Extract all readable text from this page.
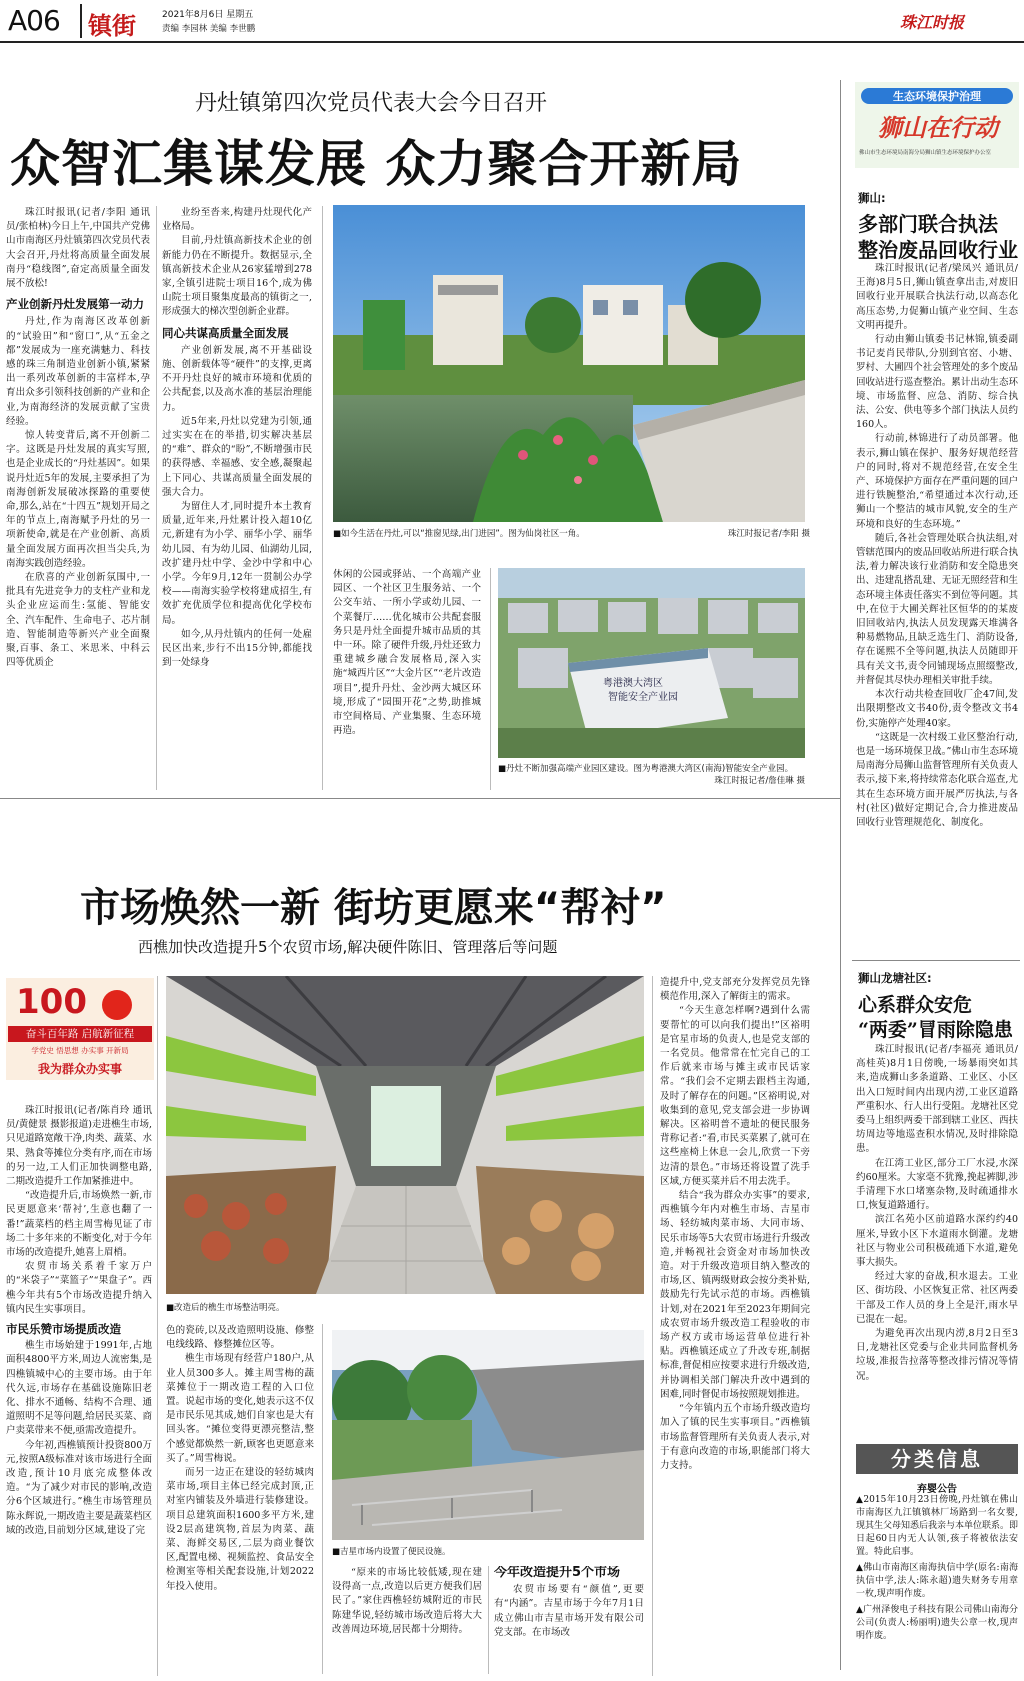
A06 镇街	2021年8月6日 星期五
责编 李园林 美编 李世鹏	珠江时报
丹灶镇第四次党员代表大会今日召开
众智汇集谋发展 众力聚合开新局

珠江时报讯(记者/李阳 通讯员/张柏林)今日上午,中国共产党佛山市南海区丹灶镇第四次党员代表大会召开,丹灶将高质量全面发展南丹“稳线图”,奋定高质量全面发展不放松!

产业创新丹灶发展第一动力

丹灶,作为南海区改革创新的“试验田”和“窗口”,从“五金之都”发展成为一座充满魅力、科技感的珠三角制造业创新小镇,紧紧出一系列改革创新的丰富样本,孕育出众多引领科技创新的产业和企业,为南海经济的发展贡献了宝贵经验。

惊人转变背后,离不开创新二字。这既是丹灶发展的真实写照,也是企业成长的“丹灶基因”。如果说丹灶近5年的发展,主要承担了为南海创新发展破冰探路的重要使命,那么,站在“十四五”规划开局之年的节点上,南海赋予丹灶的另一项新使命,就是在产业创新、高质量全面发展方面再次担当尖兵,为南海实践创造经验。

在欣喜的产业创新氛围中,一批具有先进竞争力的支柱产业和龙头企业应运而生:氢能、智能安全、汽车配件、生命电子、芯片制造、智能制造等新兴产业全面聚聚,百事、条工、米思米、中科云四等优质企

业纷至沓来,构建丹灶现代化产业格局。

目前,丹灶镇高新技术企业的创新能力仍在不断提升。数据显示,全镇高新技术企业从26家猛增到278家,全镇引进院士项目16个,成为佛山院士项目聚集度最高的镇街之一,形成强大的梯次型创新企业群。

同心共谋高质量全面发展

产业创新发展,离不开基础设施、创新载体等“硬件”的支撑,更离不开丹灶良好的城市环境和优质的公共配套,以及高水准的基层治理能力。

近5年来,丹灶以党建为引领,通过实实在在的举措,切实解决基层的“难”、群众的“盼”,不断增强市民的获得感、幸福感、安全感,凝聚起上下同心、共谋高质量全面发展的强大合力。

为留住人才,同时提升本土教育质量,近年来,丹灶累计投入超10亿元,新建有为小学、丽华小学、丽华幼儿园、有为幼儿园、仙湖幼儿园,改扩建丹灶中学、金沙中学和中心小学。今年9月,12年一贯制公办学校——南海实验学校将建成招生,有效扩充优质学位和提高优化学校布局。

如今,从丹灶镇内的任何一处雇民区出来,步行不出15分钟,都能找到一处绿身

■如今生活在丹灶,可以“推窗见绿,出门进园”。图为仙岗社区一角。	珠江时报记者/李阳 摄

休闲的公园或驿站、一个高端产业园区、一个社区卫生服务站、一个公交车站、一所小学或幼儿园、一个菜餐厅……优化城市公共配套服务只是丹灶全面提升城市品质的其中一环。除了硬件升级,丹灶还致力重建城乡融合发展格局,深入实施“城西片区”“大金片区”“老片改造项目”,提升丹灶、金沙两大城区环境,形成了“园围开花”之势,助推城市空间格局、产业集聚、生态环境再造。

粤港澳大湾区
智能安全产业园
■丹灶不断加强高端产业园区建设。图为粤港澳大湾区(南海)智能安全产业园。
珠江时报记者/詹佳琳 摄
生态环境保护治理
狮山在行动
佛山市生态环境局南海分局狮山镇生态环境保护办公室
狮山:
多部门联合执法
整治废品回收行业

珠江时报讯(记者/梁凤兴 通讯员/王海)8月5日,狮山镇查拿出击,对废旧回收行业开展联合执法行动,以高态化高压态势,力促狮山镇产业空间、生态文明再提升。

行动由狮山镇委书记林锦,镇委副书记麦肖民带队,分别到官窑、小塘、罗村、大圃四个社会管理处的多个废品回收站进行巡查整治。累计出动生态环境、市场监督、应急、消防、综合执法、公安、供电等多个部门执法人员约160人。

行动前,林锦进行了动员部署。他表示,狮山镇在保护、服务好规范经营户的同时,将对不规范经营,在安全生产、环境保护方面存在严重问题的回户进行铁腕整治,“希望通过本次行动,还狮山一个整洁的城市风貌,安全的生产环境和良好的生态环境。”

随后,各社会管理处联合执法组,对管辖范围内的废品回收站所进行联合执法,着力解决该行业消防和安全隐患突出、违建乱搭乱建、无证无照经营和生态环境主体责任落实不到位等问题。其中,在位于大圃关辉社区恒华的的某废旧回收站内,执法人员发现露天堆满各种易燃物品,且缺乏选生门、消防设备,存在诞熙不全等问题,执法人员随即开具有关文书,责令同铺现场点照缀整改,并督促其尽快办理相关审批手续。

本次行动共检查回收厂企47间,发出限期整改文书40份,责令整改文书4份,实施停产处理40家。

“这既是一次村级工业区整治行动,也是一场环境保卫战。”佛山市生态环境局南海分局狮山监督管理所有关负责人表示,接下来,将持续常态化联合巡查,尤其在生态环境方面开展严厉执法,与各村(社区)做好定期记合,合力推进废品回收行业管理规范化、制度化。

狮山龙塘社区:
心系群众安危
“两委”冒雨除隐患

珠江时报讯(记者/李福亮 通讯员/高桂英)8月1日傍晚,一场暴雨突如其来,造成狮山多条道路、工业区、小区出入口短时间内出现内涝,工业区道路严重积水、行人出行受阻。龙塘社区党委马上组织两委干部到辖工业区、西扶坊周边等地巡查积水情况,及时排除隐患。

在江湾工业区,部分工厂水浸,水深约60厘米。大家毫不犹豫,挽起裤脚,涉手清理下水口堵塞杂物,及时疏通排水口,恢复道路通行。

滨江名苑小区前道路水深约约40厘米,导致小区下水道雨水倒灌。龙塘社区与物业公司积极疏通下水道,避免事大损失。

经过大家的奋战,积水退去。工业区、街坊段、小区恢复正常、社区两委干部及工作人员的身上全是汗,雨水早已混在一起。

为避免再次出现内涝,8月2日至3日,龙塘社区党委与企业共同监督机务垃圾,准报告拉落等整改排污情况等情况。

分类信息
弃婴公告
▲2015年10月23日傍晚,丹灶镇在佛山市南海区九江镇镇林厂场路到一名女婴,现其生父母知悉后我亲与本单位联系。即日起60日内无人认领,孩子将被依法安置。特此启事。
▲佛山市南海区南海执信中学(原名:南海执信中学,法人:陈永超)遗失财务专用章一枚,现声明作废。
▲广州泽俊电子科技有限公司佛山南海分公司(负责人:杨丽明)遗失公章一枚,现声明作废。
市场焕然一新 街坊更愿来“帮衬”
西樵加快改造提升5个农贸市场,解决硬件陈旧、管理落后等问题
100
奋斗百年路 启航新征程
学党史 悟思想 办实事 开新局
我为群众办实事

珠江时报讯(记者/陈肖玲 通讯员/黄健景 摄影报道)走进樵生市场,只见道路宽敞干净,肉类、蔬菜、水果、熟食等摊位分类有序,而在市场的另一边,工人们正加快调整电路,二期改造提升工作加紧推进中。

“改造提升后,市场焕然一新,市民更愿意来‘帮衬’,生意也翻了一番!”蔬菜档的档主周雪梅见证了市场二十多年来的不断变化,对于今年市场的改造提升,她喜上眉梢。

农贸市场关系着千家万户的“米袋子”“菜篮子”“果盘子”。西樵今年共有5个市场改造提升纳入镇内民生实事项目。

市民乐赞市场提质改造

樵生市场始建于1991年,占地面积4800平方米,周边人流密集,是四樵镇城中心的主要市场。由于年代久远,市场存在基础设施陈旧老化、排水不通畅、结构不合理、通道照明不足等问题,给居民买菜、商户卖菜带来不便,亟需改造提升。

今年初,西樵镇预计投资800万元,按照A级标准对该市场进行全面改造,预计10月底完成整体改造。“为了减少对市民的影响,改造分6个区域进行。”樵生市场管理员陈永辉说,一期改造主要是蔬菜档区域的改造,目前划分区域,建设了完

■改造后的樵生市场整洁明亮。

色的瓷砖,以及改造照明设施、修整电线线路、修整摊位区等。

樵生市场现有经营户180户,从业人员300多人。摊主周雪梅的蔬菜摊位于一期改造工程的入口位置。说起市场的变化,她表示这不仅是市民乐见其成,她们自家也是大有回头客。“摊位变得更漂亮整洁,整个感觉都焕然一新,顾客也更愿意来买了。”周雪梅说。

而另一边正在建设的轻纺城肉菜市场,项目主体已经完成封顶,正对室内铺装及外墙进行装修建设。项目总建筑面积1600多平方米,建设2层高建筑物,首层为肉菜、蔬菜、海鲜交易区,二层为商业餐饮区,配置电梯、视频监控、食品安全检测室等相关配套设施,计划2022年投入使用。

■吉星市场内设置了便民设施。

“原来的市场比较低矮,现在建设得高一点,改造以后更方便我们居民了。”家住西樵轻纺城附近的市民陈建华说,轻纺城市场改造后将大大改善周边环境,居民都十分期待。

今年改造提升5个市场

农贸市场要有“颜值”,更要有“内涵”。吉星市场于今年7月1日成立佛山市吉星市场开发有限公司党支部。在市场改

造提升中,党支部充分发挥党员先锋模范作用,深入了解街主的需求。

“今天生意怎样啊?遇到什么需要帮忙的可以向我们提出!”区裕明是官星市场的负责人,也是党支部的一名党员。他常常在忙完自己的工作后就来市场与摊主或市民话家常。“我们会不定期去跟档主沟通,及时了解存在的问题。”区裕明说,对收集到的意见,党支部会进一步协调解决。区裕明普不遗址的便民服务背称记者:“看,市民买菜累了,就可在这些座椅上休息一会儿,欣赏一下旁边清的景色。”市场还将设置了洗手区域,方便买菜并后不用去洗手。

结合“我为群众办实事”的要求,西樵镇今年内对樵生市场、吉星市场、轻纺城肉菜市场、大同市场、民乐市场等5大农贸市场进行升级改造,并畅视社会资金对市场加快改造。对于升级改造项目纳入整改的市场,区、镇两级财政会按分类补贴,鼓励先行先试示范的市场。西樵镇计划,对在2021年至2023年期间完成农贸市场升级改造工程验收的市场产权方或市场运营单位进行补贴。西樵镇还成立了升改专班,制据标准,督促相应按要求进行升级改造,并协调相关部门解决升改中遇到的困难,同时督促市场按照规划推进。

“今年镇内五个市场升级改造均加入了镇的民生实事项目。”西樵镇市场监督管理所有关负责人表示,对于有意向改造的市场,职能部门将大力支持。
